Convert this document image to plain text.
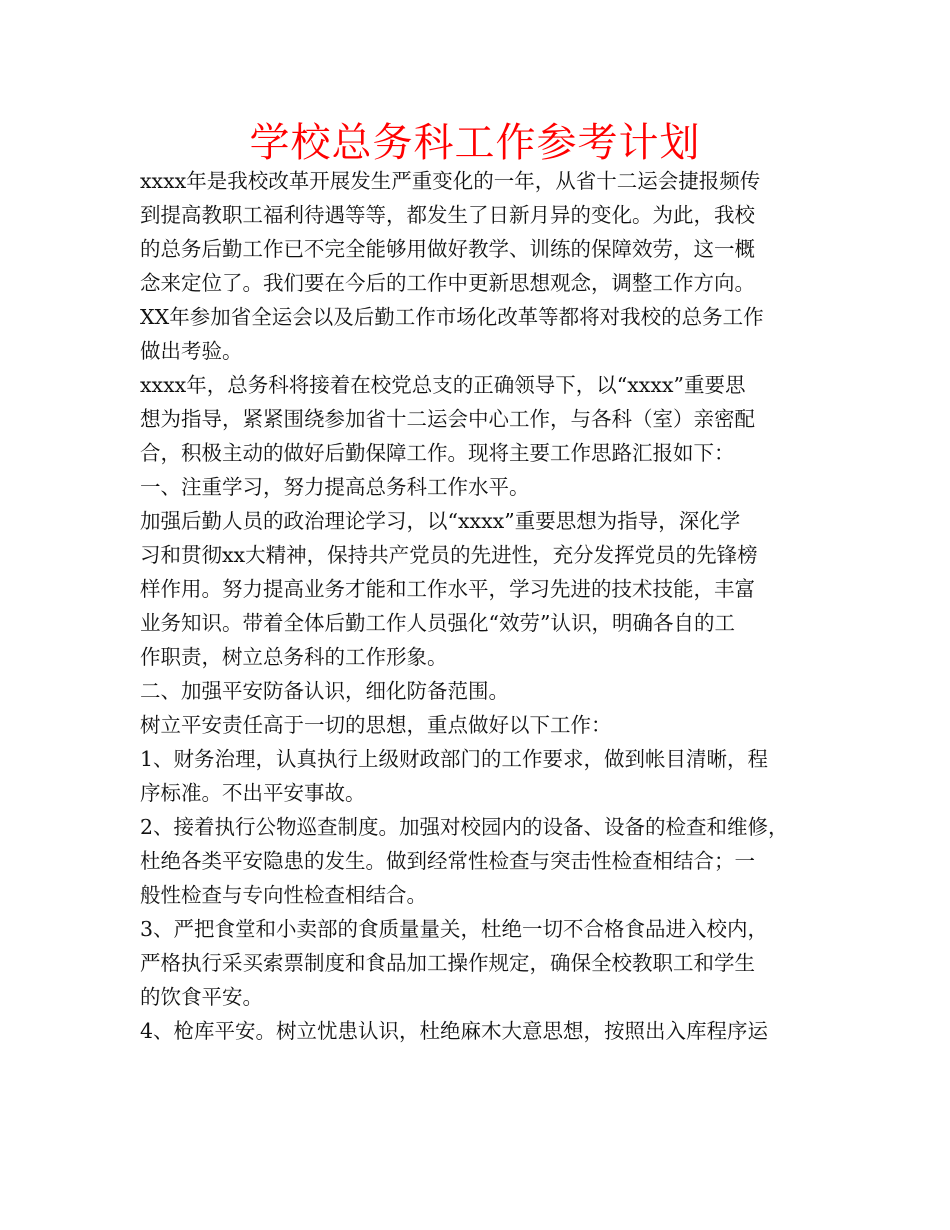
学校总务科工作参考计划
xxxx年是我校改革开展发生严重变化的一年，从省十二运会捷报频传
到提高教职工福利待遇等等，都发生了日新月异的变化。为此，我校
的总务后勤工作已不完全能够用做好教学、训练的保障效劳，这一概
念来定位了。我们要在今后的工作中更新思想观念，调整工作方向。
XX年参加省全运会以及后勤工作市场化改革等都将对我校的总务工作
做出考验。
xxxx年，总务科将接着在校党总支的正确领导下，以“xxxx”重要思
想为指导，紧紧围绕参加省十二运会中心工作，与各科（室）亲密配
合，积极主动的做好后勤保障工作。现将主要工作思路汇报如下：
一、注重学习，努力提高总务科工作水平。
加强后勤人员的政治理论学习，以“xxxx”重要思想为指导，深化学
习和贯彻xx大精神，保持共产党员的先进性，充分发挥党员的先锋榜
样作用。努力提高业务才能和工作水平，学习先进的技术技能，丰富
业务知识。带着全体后勤工作人员强化“效劳”认识，明确各自的工
作职责，树立总务科的工作形象。
二、加强平安防备认识，细化防备范围。
树立平安责任高于一切的思想，重点做好以下工作：
1、财务治理，认真执行上级财政部门的工作要求，做到帐目清晰，程
序标准。不出平安事故。
2、接着执行公物巡查制度。加强对校园内的设备、设备的检查和维修，
杜绝各类平安隐患的发生。做到经常性检查与突击性检查相结合；一
般性检查与专向性检查相结合。
3、严把食堂和小卖部的食质量量关，杜绝一切不合格食品进入校内，
严格执行采买索票制度和食品加工操作规定，确保全校教职工和学生
的饮食平安。
4、枪库平安。树立忧患认识，杜绝麻木大意思想，按照出入库程序运
